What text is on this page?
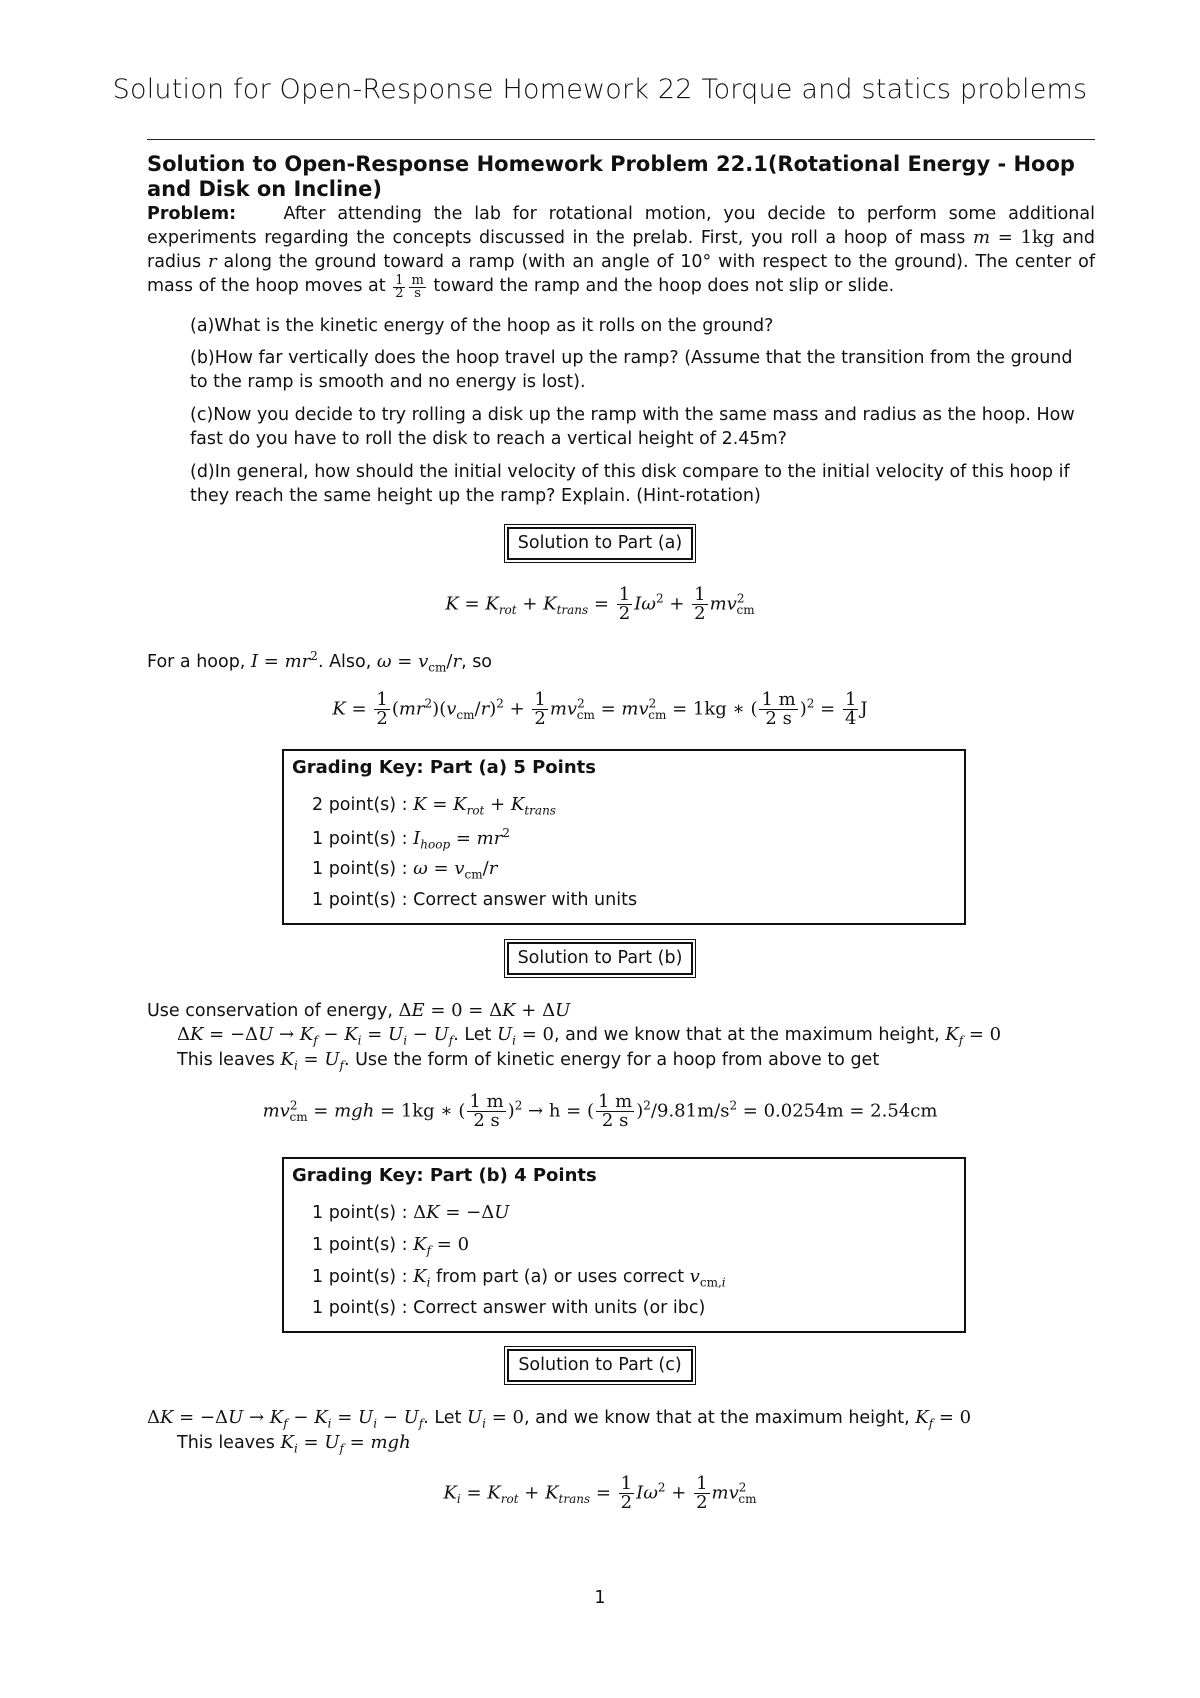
Solution for Open-Response Homework 22 Torque and statics problems
Solution to Open-Response Homework Problem 22.1(Rotational Energy - Hoop and Disk on Incline)
Problem:	After attending the lab for rotational motion, you decide to perform some additional experiments regarding the concepts discussed in the prelab. First, you roll a hoop of mass m = 1kg and radius r along the ground toward a ramp (with an angle of 10° with respect to the ground). The center of mass of the hoop moves at $\frac{1}{2} \frac{m}{s}$ toward the ramp and the hoop does not slip or slide.
(a)What is the kinetic energy of the hoop as it rolls on the ground?
(b)How far vertically does the hoop travel up the ramp? (Assume that the transition from the ground to the ramp is smooth and no energy is lost).
(c)Now you decide to try rolling a disk up the ramp with the same mass and radius as the hoop. How fast do you have to roll the disk to reach a vertical height of 2.45m?
(d)In general, how should the initial velocity of this disk compare to the initial velocity of this hoop if they reach the same height up the ramp? Explain. (Hint-rotation)
Solution to Part (a)
$K = K_{rot} + K_{trans} = \frac{1}{2} I\omega^2 + \frac{1}{2} mv^2_{cm}$
For a hoop, $I = mr^2$. Also, $\omega = v_{cm}/r$, so
$K = \frac{1}{2} (mr^2)(v_{cm}/r)^2 + \frac{1}{2} mv^2_{cm} = mv^2_{cm} = 1kg$ ∗ ( $\frac{1 m}{2 s} )^2 = \frac{1}{4}$ J
Grading Key: Part (a) 5 Points
2 point(s) : $K = K_{rot} + K_{trans}$
1 point(s) : $I_{hoop} = mr^2$
1 point(s) : $\omega = v_{cm}/r$
1 point(s) : Correct answer with units
Solution to Part (b)
Use conservation of energy, ΔE = 0 = ΔK + ΔU
$\Delta K = -\Delta U \to K_f - K_i = U_i - U_f$. Let $U_i = 0$, and we know that at the maximum height, $K_f = 0$
This leaves $K_i = U_f$. Use the form of kinetic energy for a hoop from above to get
$mv^2_{cm}$ = mgh = 1kg ∗ ( $\frac{1 m}{2 s} )^2 \to h$ = ( $\frac{1 m}{2 s} )^2/9.81m/s^2 = 0.0254m = 2.54cm$
Grading Key: Part (b) 4 Points
1 point(s) : ΔK = −ΔU
1 point(s) : $K_f = 0$
1 point(s) : $K_i$ from part (a) or uses correct $v_{cm,i}$
1 point(s) : Correct answer with units (or ibc)
Solution to Part (c)
$\Delta K = -\Delta U \to K_f - K_i = U_i - U_f$. Let $U_i = 0$, and we know that at the maximum height, $K_f = 0$
This leaves $K_i = U_f$ = mgh
$K_i = K_{rot} + K_{trans} = \frac{1}{2} I\omega^2 + \frac{1}{2} mv^2_{cm}$
1
